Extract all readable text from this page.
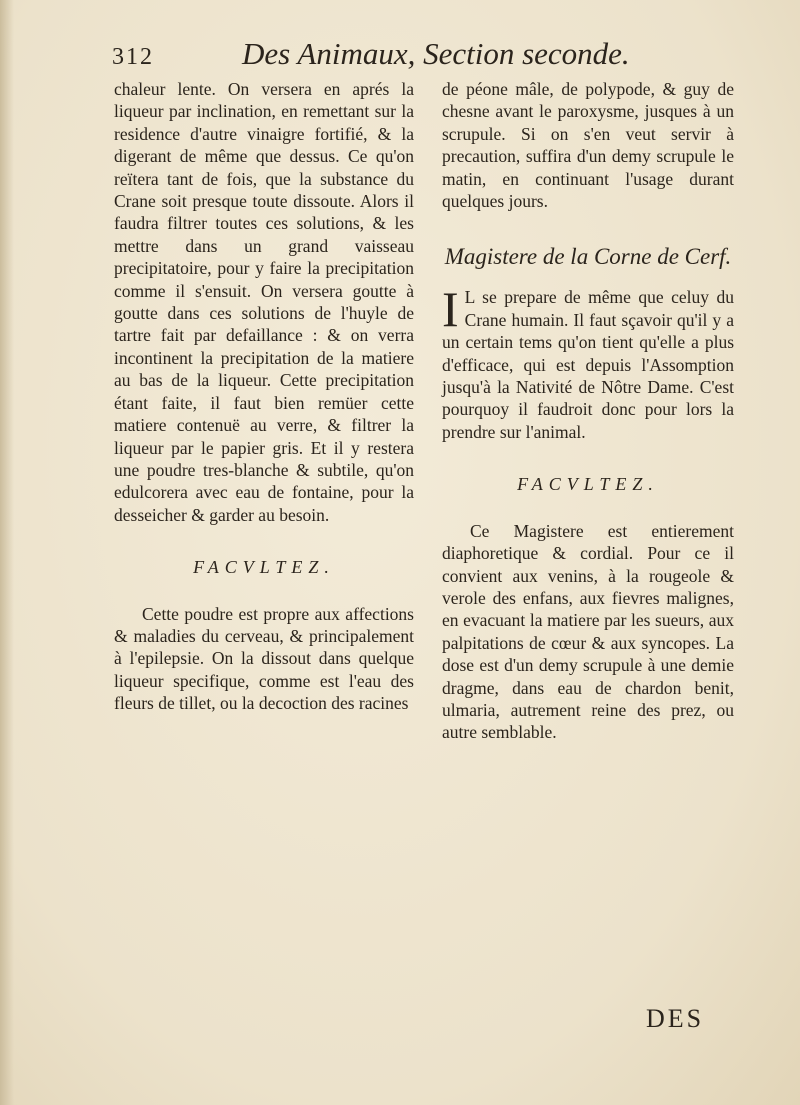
312	Des Animaux, Section seconde.

chaleur lente. On versera en aprés la liqueur par inclination, en remettant sur la residence d'autre vinaigre fortifié, & la digerant de même que dessus. Ce qu'on reïtera tant de fois, que la substance du Crane soit presque toute dissoute. Alors il faudra filtrer toutes ces solutions, & les mettre dans un grand vaisseau precipitatoire, pour y faire la precipitation comme il s'ensuit. On versera goutte à goutte dans ces solutions de l'huyle de tartre fait par defaillance : & on verra incontinent la precipitation de la matiere au bas de la liqueur. Cette precipitation étant faite, il faut bien remüer cette matiere contenuë au verre, & filtrer la liqueur par le papier gris. Et il y restera une poudre tres-blanche & subtile, qu'on edulcorera avec eau de fontaine, pour la desseicher & garder au besoin.

FACVLTEZ.

Cette poudre est propre aux affections & maladies du cerveau, & principalement à l'epilepsie. On la dissout dans quelque liqueur specifique, comme est l'eau des fleurs de tillet, ou la decoction des racines

de péone mâle, de polypode, & guy de chesne avant le paroxysme, jusques à un scrupule. Si on s'en veut servir à precaution, suffira d'un demy scrupule le matin, en continuant l'usage durant quelques jours.

Magistere de la Corne de Cerf.

I L se prepare de même que celuy du Crane humain. Il faut sçavoir qu'il y a un certain tems qu'on tient qu'elle a plus d'efficace, qui est depuis l'Assomption jusqu'à la Nativité de Nôtre Dame. C'est pourquoy il faudroit donc pour lors la prendre sur l'animal.

FACVLTEZ.

Ce Magistere est entierement diaphoretique & cordial. Pour ce il convient aux venins, à la rougeole & verole des enfans, aux fievres malignes, en evacuant la matiere par les sueurs, aux palpitations de cœur & aux syncopes. La dose est d'un demy scrupule à une demie dragme, dans eau de chardon benit, ulmaria, autrement reine des prez, ou autre semblable.

DES
